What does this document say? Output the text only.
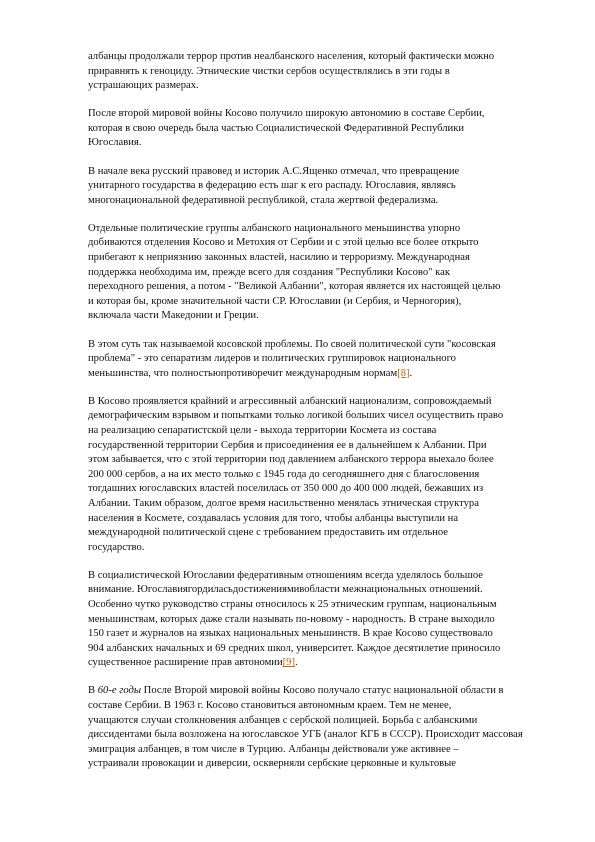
албанцы продолжали террор против неалбанского населения, который фактически можно
приравнять к геноциду. Этнические чистки сербов осуществлялись в эти годы в
устрашающих размерах.

После второй мировой войны Косово получило широкую автономию в составе Сербии,
которая в свою очередь была частью Социалистической Федеративной Республики
Югославия.

В начале века русский правовед и историк А.С.Ященко отмечал, что превращение
унитарного государства в федерацию есть шаг к его распаду. Югославия, являясь
многонациональной федеративной республикой, стала жертвой федерализма.

Отдельные политические группы албанского национального меньшинства упорно
добиваются отделения Косово и Метохия от Сербии и с этой целью все более открыто
прибегают к неприязнию законных властей, насилию и терроризму. Международная
поддержка необходима им, прежде всего для создания "Республики Косово" как
переходного решения, а потом - "Великой Албании", которая является их настоящей целью
и которая бы, кроме значительной части СР. Югославии (и Сербия, и Черногория),
включала части Македонии и Греции.

В этом суть так называемой косовской проблемы. По своей политической сути "косовская
проблема" - это сепаратизм лидеров и политических группировок национального
меньшинства, что полностьюпротиворечит международным нормам[8].

В Косово проявляется крайний и агрессивный албанский национализм, сопровождаемый
демографическим взрывом и попытками только логикой больших чисел осуществить право
на реализацию сепаратистской цели - выхода территории Космета из состава
государственной территории Сербия и присоединения ее в дальнейшем к Албании. При
этом забывается, что с этой территории под давлением албанского террора выехало более
200 000 сербов, а на их место только с 1945 года до сегодняшнего дня с благословения
тогдашних югославских властей поселилась от 350 000 до 400 000 людей, бежавших из
Албании. Таким образом, долгое время насильственно менялась этническая структура
населения в Космете, создавалась условия для того, чтобы албанцы выступили на
международной политической сцене с требованием предоставить им отдельное
государство.

В социалистической Югославии федеративным отношениям всегда уделялось большое
внимание. Югославиягордиласьдостижениямивобласти межнациональных отношений.
Особенно чутко руководство страны относилось к 25 этническим группам, национальным
меньшинствам, которых даже стали называть по-новому - народность. В стране выходило
150 газет и журналов на языках национальных меньшинств. В крае Косово существовало
904 албанских начальных и 69 средних школ, университет. Каждое десятилетие приносило
существенное расширение прав автономии[9].

В 60-е годы После Второй мировой войны Косово получало статус национальной области в
составе Сербии. В 1963 г. Косово становиться автономным краем. Тем не менее,
учащаются случаи столкновения албанцев с сербской полицией. Борьба с албанскими
диссидентами была возложена на югославское УГБ (аналог КГБ в СССР). Происходит массовая
эмиграция албанцев, в том числе в Турцию. Албанцы действовали уже активнее –
устраивали провокации и диверсии, оскверняли сербские церковные и культовые
